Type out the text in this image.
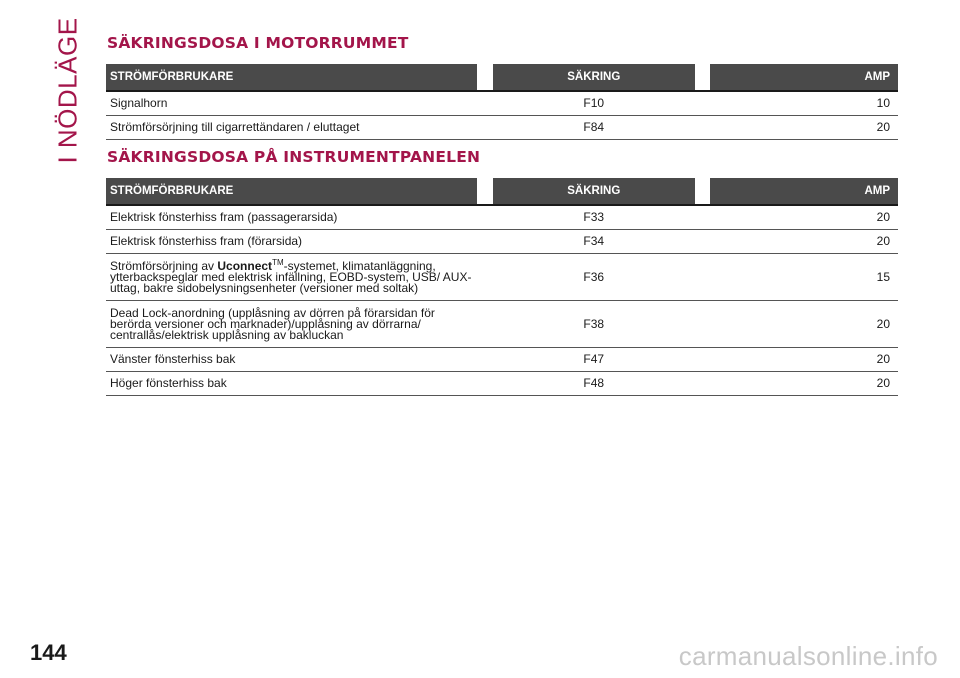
I NÖDLÄGE SÄKRINGSDOSA I MOTORRUMMET
STRÖMFÖRBRUKARE		SÄKRING		AMP
Signalhorn		F10		10
Strömförsörjning till cigarrettändaren / eluttaget		F84		20
SÄKRINGSDOSA PÅ INSTRUMENTPANELEN
STRÖMFÖRBRUKARE		SÄKRING		AMP
Elektrisk fönsterhiss fram (passagerarsida)		F33		20
Elektrisk fönsterhiss fram (förarsida)		F34		20
Strömförsörjning av Uconnect™-systemet, klimatanläggning, ytterbackspeglar med elektrisk infällning, EOBD-system, USB/ AUX-uttag, bakre sidobelysningsenheter (versioner med soltak)		F36		15
Dead Lock-anordning (upplåsning av dörren på förarsidan för berörda versioner och marknader)/upplåsning av dörrarna/ centrallås/elektrisk upplåsning av bakluckan		F38		20
Vänster fönsterhiss bak		F47		20
Höger fönsterhiss bak		F48		20
144	carmanualsonline.info
